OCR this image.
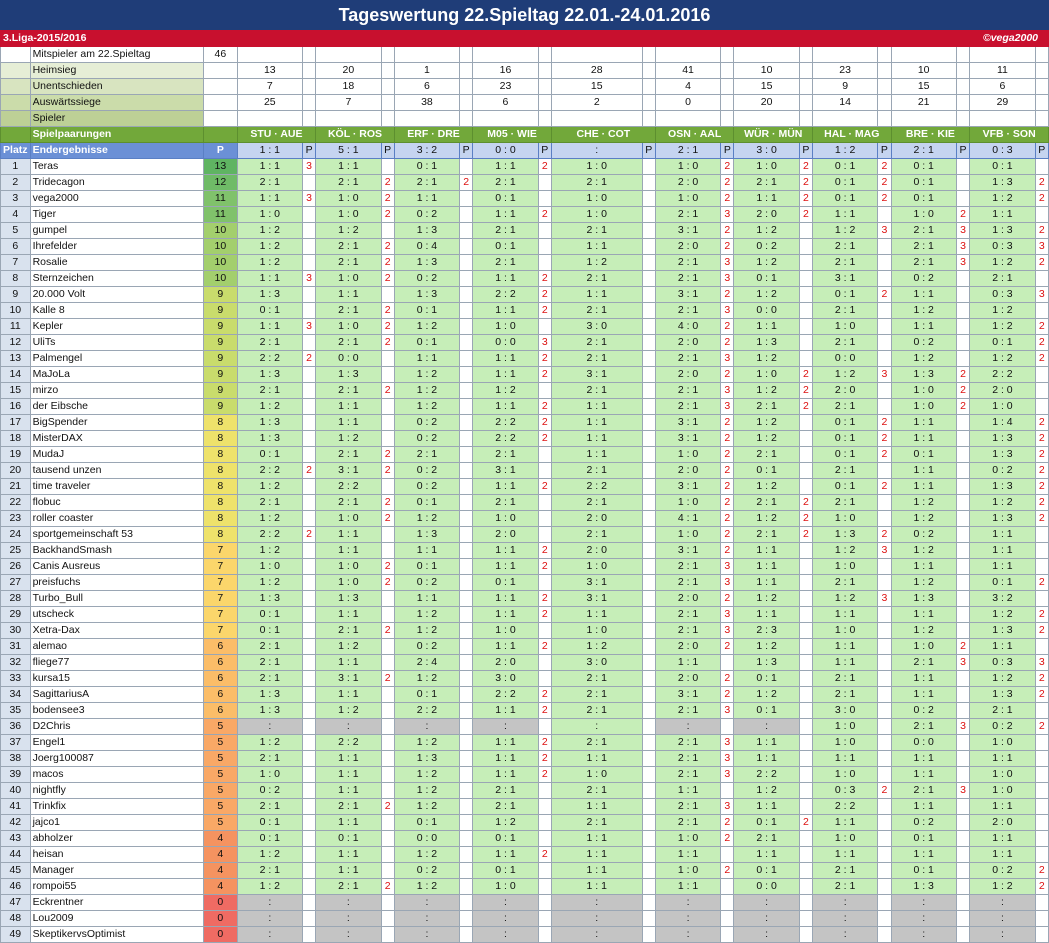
Tageswertung 22.Spieltag 22.01.-24.01.2016
3.Liga-2015/2016																					©vega2000	
	Mitspieler am 22.Spieltag	46																				
	Heimsieg		13		20		1		16		28		41		10		23		10		11	
	Unentschieden		7		18		6		23		15		4		15		9		15		6	
	Auswärtssiege		25		7		38		6		2		0		20		14		21		29	
	Spieler																					
	Spielpaarungen		STU · AUE		KÖL · ROS		ERF · DRE		M05 · WIE		CHE · COT		OSN · AAL		WÜR · MÜN		HAL · MAG		BRE · KIE		VFB · SON	
Platz	Endergebnisse	P	1 : 1	P	5 : 1	P	3 : 2	P	0 : 0	P	:	P	2 : 1	P	3 : 0	P	1 : 2	P	2 : 1	P	0 : 3	P
1	Teras	13	1 : 1	3	1 : 1		0 : 1		1 : 1	2	1 : 0		1 : 0	2	1 : 0	2	0 : 1	2	0 : 1		0 : 1	
2	Tridecagon	12	2 : 1		2 : 1	2	2 : 1	2	2 : 1		2 : 1		2 : 0	2	2 : 1	2	0 : 1	2	0 : 1		1 : 3	2
3	vega2000	11	1 : 1	3	1 : 0	2	1 : 1		0 : 1		1 : 0		1 : 0	2	1 : 1	2	0 : 1	2	0 : 1		1 : 2	2
4	Tiger	11	1 : 0		1 : 0	2	0 : 2		1 : 1	2	1 : 0		2 : 1	3	2 : 0	2	1 : 1		1 : 0	2	1 : 1	
5	gumpel	10	1 : 2		1 : 2		1 : 3		2 : 1		2 : 1		3 : 1	2	1 : 2		1 : 2	3	2 : 1	3	1 : 3	2
6	Ihrefelder	10	1 : 2		2 : 1	2	0 : 4		0 : 1		1 : 1		2 : 0	2	0 : 2		2 : 1		2 : 1	3	0 : 3	3
7	Rosalie	10	1 : 2		2 : 1	2	1 : 3		2 : 1		1 : 2		2 : 1	3	1 : 2		2 : 1		2 : 1	3	1 : 2	2
8	Sternzeichen	10	1 : 1	3	1 : 0	2	0 : 2		1 : 1	2	2 : 1		2 : 1	3	0 : 1		3 : 1		0 : 2		2 : 1	
9	20.000 Volt	9	1 : 3		1 : 1		1 : 3		2 : 2	2	1 : 1		3 : 1	2	1 : 2		0 : 1	2	1 : 1		0 : 3	3
10	Kalle 8	9	0 : 1		2 : 1	2	0 : 1		1 : 1	2	2 : 1		2 : 1	3	0 : 0		2 : 1		1 : 2		1 : 2	
11	Kepler	9	1 : 1	3	1 : 0	2	1 : 2		1 : 0		3 : 0		4 : 0	2	1 : 1		1 : 0		1 : 1		1 : 2	2
12	UliTs	9	2 : 1		2 : 1	2	0 : 1		0 : 0	3	2 : 1		2 : 0	2	1 : 3		2 : 1		0 : 2		0 : 1	2
13	Palmengel	9	2 : 2	2	0 : 0		1 : 1		1 : 1	2	2 : 1		2 : 1	3	1 : 2		0 : 0		1 : 2		1 : 2	2
14	MaJoLa	9	1 : 3		1 : 3		1 : 2		1 : 1	2	3 : 1		2 : 0	2	1 : 0	2	1 : 2	3	1 : 3	2	2 : 2	
15	mirzo	9	2 : 1		2 : 1	2	1 : 2		1 : 2		2 : 1		2 : 1	3	1 : 2	2	2 : 0		1 : 0	2	2 : 0	
16	der Eibsche	9	1 : 2		1 : 1		1 : 2		1 : 1	2	1 : 1		2 : 1	3	2 : 1	2	2 : 1		1 : 0	2	1 : 0	
17	BigSpender	8	1 : 3		1 : 1		0 : 2		2 : 2	2	1 : 1		3 : 1	2	1 : 2		0 : 1	2	1 : 1		1 : 4	2
18	MisterDAX	8	1 : 3		1 : 2		0 : 2		2 : 2	2	1 : 1		3 : 1	2	1 : 2		0 : 1	2	1 : 1		1 : 3	2
19	MudaJ	8	0 : 1		2 : 1	2	2 : 1		2 : 1		1 : 1		1 : 0	2	2 : 1		0 : 1	2	0 : 1		1 : 3	2
20	tausend unzen	8	2 : 2	2	3 : 1	2	0 : 2		3 : 1		2 : 1		2 : 0	2	0 : 1		2 : 1		1 : 1		0 : 2	2
21	time traveler	8	1 : 2		2 : 2		0 : 2		1 : 1	2	2 : 2		3 : 1	2	1 : 2		0 : 1	2	1 : 1		1 : 3	2
22	flobuc	8	2 : 1		2 : 1	2	0 : 1		2 : 1		2 : 1		1 : 0	2	2 : 1	2	2 : 1		1 : 2		1 : 2	2
23	roller coaster	8	1 : 2		1 : 0	2	1 : 2		1 : 0		2 : 0		4 : 1	2	1 : 2	2	1 : 0		1 : 2		1 : 3	2
24	sportgemeinschaft 53	8	2 : 2	2	1 : 1		1 : 3		2 : 0		2 : 1		1 : 0	2	2 : 1	2	1 : 3	2	0 : 2		1 : 1	
25	BackhandSmash	7	1 : 2		1 : 1		1 : 1		1 : 1	2	2 : 0		3 : 1	2	1 : 1		1 : 2	3	1 : 2		1 : 1	
26	Canis Ausreus	7	1 : 0		1 : 0	2	0 : 1		1 : 1	2	1 : 0		2 : 1	3	1 : 1		1 : 0		1 : 1		1 : 1	
27	preisfuchs	7	1 : 2		1 : 0	2	0 : 2		0 : 1		3 : 1		2 : 1	3	1 : 1		2 : 1		1 : 2		0 : 1	2
28	Turbo_Bull	7	1 : 3		1 : 3		1 : 1		1 : 1	2	3 : 1		2 : 0	2	1 : 2		1 : 2	3	1 : 3		3 : 2	
29	utscheck	7	0 : 1		1 : 1		1 : 2		1 : 1	2	1 : 1		2 : 1	3	1 : 1		1 : 1		1 : 1		1 : 2	2
30	Xetra-Dax	7	0 : 1		2 : 1	2	1 : 2		1 : 0		1 : 0		2 : 1	3	2 : 3		1 : 0		1 : 2		1 : 3	2
31	alemao	6	2 : 1		1 : 2		0 : 2		1 : 1	2	1 : 2		2 : 0	2	1 : 2		1 : 1		1 : 0	2	1 : 1	
32	fliege77	6	2 : 1		1 : 1		2 : 4		2 : 0		3 : 0		1 : 1		1 : 3		1 : 1		2 : 1	3	0 : 3	3
33	kursa15	6	2 : 1		3 : 1	2	1 : 2		3 : 0		2 : 1		2 : 0	2	0 : 1		2 : 1		1 : 1		1 : 2	2
34	SagittariusA	6	1 : 3		1 : 1		0 : 1		2 : 2	2	2 : 1		3 : 1	2	1 : 2		2 : 1		1 : 1		1 : 3	2
35	bodensee3	6	1 : 3		1 : 2		2 : 2		1 : 1	2	2 : 1		2 : 1	3	0 : 1		3 : 0		0 : 2		2 : 1	
36	D2Chris	5	:		:		:		:		:		:		:		1 : 0		2 : 1	3	0 : 2	2
37	Engel1	5	1 : 2		2 : 2		1 : 2		1 : 1	2	2 : 1		2 : 1	3	1 : 1		1 : 0		0 : 0		1 : 0	
38	Joerg100087	5	2 : 1		1 : 1		1 : 3		1 : 1	2	1 : 1		2 : 1	3	1 : 1		1 : 1		1 : 1		1 : 1	
39	macos	5	1 : 0		1 : 1		1 : 2		1 : 1	2	1 : 0		2 : 1	3	2 : 2		1 : 0		1 : 1		1 : 0	
40	nightfly	5	0 : 2		1 : 1		1 : 2		2 : 1		2 : 1		1 : 1		1 : 2		0 : 3	2	2 : 1	3	1 : 0	
41	Trinkfix	5	2 : 1		2 : 1	2	1 : 2		2 : 1		1 : 1		2 : 1	3	1 : 1		2 : 2		1 : 1		1 : 1	
42	jajco1	5	0 : 1		1 : 1		0 : 1		1 : 2		2 : 1		2 : 1	2	0 : 1	2	1 : 1		0 : 2		2 : 0	
43	abholzer	4	0 : 1		0 : 1		0 : 0		0 : 1		1 : 1		1 : 0	2	2 : 1		1 : 0		0 : 1		1 : 1	
44	heisan	4	1 : 2		1 : 1		1 : 2		1 : 1	2	1 : 1		1 : 1		1 : 1		1 : 1		1 : 1		1 : 1	
45	Manager	4	2 : 1		1 : 1		0 : 2		0 : 1		1 : 1		1 : 0	2	0 : 1		2 : 1		0 : 1		0 : 2	2
46	rompoi55	4	1 : 2		2 : 1	2	1 : 2		1 : 0		1 : 1		1 : 1		0 : 0		2 : 1		1 : 3		1 : 2	2
47	Eckrentner	0	:		:		:		:		:		:		:		:		:		:	
48	Lou2009	0	:		:		:		:		:		:		:		:		:		:	
49	SkeptikervsOptimist	0	:		:		:		:		:		:		:		:		:		:	
